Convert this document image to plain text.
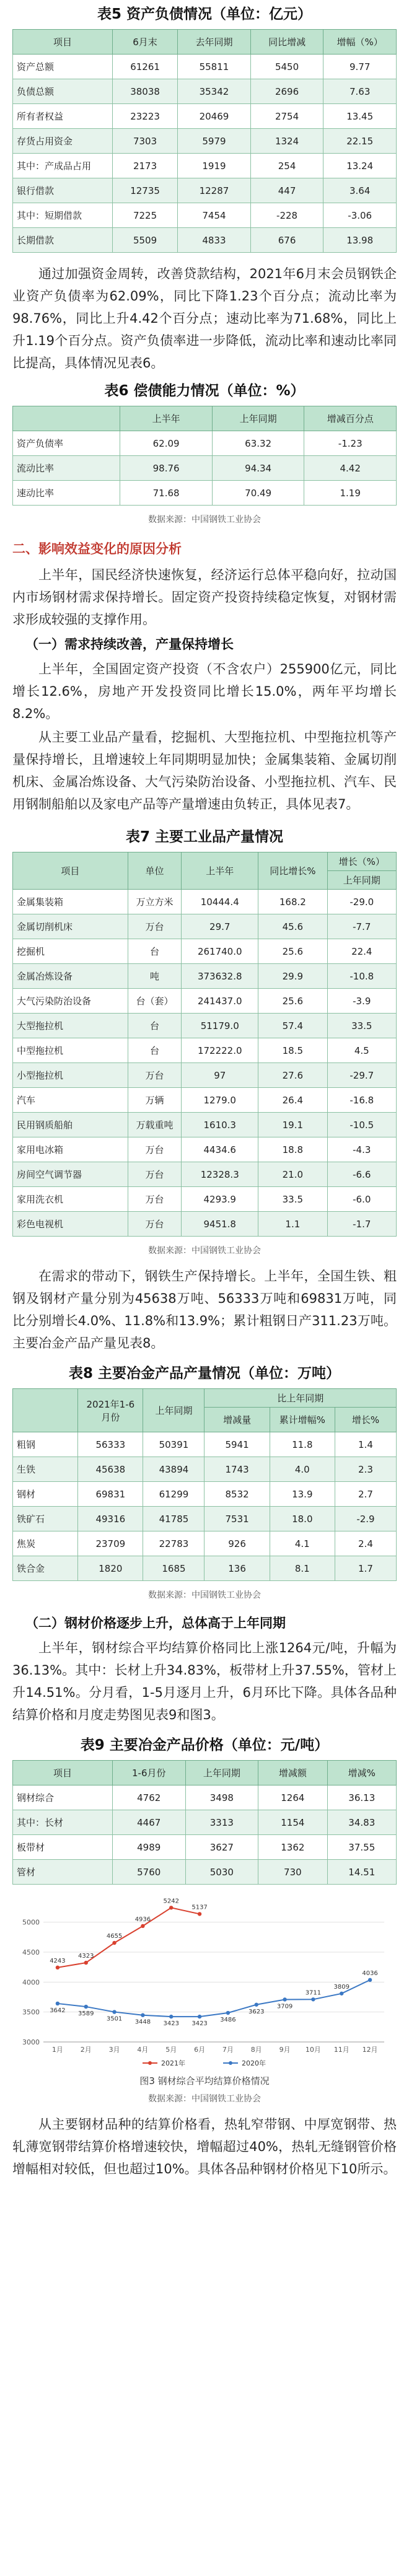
表5 资产负债情况（单位：亿元）
项目	6月末	去年同期	同比增减	增幅（%）
资产总额	61261	55811	5450	9.77
负债总额	38038	35342	2696	7.63
所有者权益	23223	20469	2754	13.45
存货占用资金	7303	5979	1324	22.15
其中：产成品占用	2173	1919	254	13.24
银行借款	12735	12287	447	3.64
其中：短期借款	7225	7454	-228	-3.06
长期借款	5509	4833	676	13.98

通过加强资金周转，改善贷款结构，2021年6月末会员钢铁企业资产负债率为62.09%，同比下降1.23个百分点；流动比率为98.76%，同比上升4.42个百分点；速动比率为71.68%，同比上升1.19个百分点。资产负债率进一步降低，流动比率和速动比率同比提高，具体情况见表6。

表6 偿债能力情况（单位：%）
	上半年	上年同期	增减百分点
资产负债率	62.09	63.32	-1.23
流动比率	98.76	94.34	4.42
速动比率	71.68	70.49	1.19
数据来源：中国钢铁工业协会
二、影响效益变化的原因分析

上半年，国民经济快速恢复，经济运行总体平稳向好，拉动国内市场钢材需求保持增长。固定资产投资持续稳定恢复，对钢材需求形成较强的支撑作用。

（一）需求持续改善，产量保持增长

上半年，全国固定资产投资（不含农户）255900亿元，同比增长12.6%，房地产开发投资同比增长15.0%，两年平均增长8.2%。

从主要工业品产量看，挖掘机、大型拖拉机、中型拖拉机等产量保持增长，且增速较上年同期明显加快；金属集装箱、金属切削机床、金属冶炼设备、大气污染防治设备、小型拖拉机、汽车、民用钢制船舶以及家电产品等产量增速由负转正，具体见表7。

表7 主要工业品产量情况
项目	单位	上半年	同比增长%	增长（%）
				上年同期
金属集装箱	万立方米	10444.4	168.2	-29.0
金属切削机床	万台	29.7	45.6	-7.7
挖掘机	台	261740.0	25.6	22.4
金属冶炼设备	吨	373632.8	29.9	-10.8
大气污染防治设备	台（套）	241437.0	25.6	-3.9
大型拖拉机	台	51179.0	57.4	33.5
中型拖拉机	台	172222.0	18.5	4.5
小型拖拉机	万台	97	27.6	-29.7
汽车	万辆	1279.0	26.4	-16.8
民用钢质船舶	万载重吨	1610.3	19.1	-10.5
家用电冰箱	万台	4434.6	18.8	-4.3
房间空气调节器	万台	12328.3	21.0	-6.6
家用洗衣机	万台	4293.9	33.5	-6.0
彩色电视机	万台	9451.8	1.1	-1.7
数据来源：中国钢铁工业协会

在需求的带动下，钢铁生产保持增长。上半年，全国生铁、粗钢及钢材产量分别为45638万吨、56333万吨和69831万吨，同比分别增长4.0%、11.8%和13.9%；累计粗钢日产311.23万吨。主要冶金产品产量见表8。

表8 主要冶金产品产量情况（单位：万吨）
	2021年1-6月份	上年同期	比上年同期		
			增减量	累计增幅%	增长%
粗钢	56333	50391	5941	11.8	1.4
生铁	45638	43894	1743	4.0	2.3
钢材	69831	61299	8532	13.9	2.7
铁矿石	49316	41785	7531	18.0	-2.9
焦炭	23709	22783	926	4.1	2.4
铁合金	1820	1685	136	8.1	1.7
数据来源：中国钢铁工业协会
（二）钢材价格逐步上升，总体高于上年同期

上半年，钢材综合平均结算价格同比上涨1264元/吨，升幅为36.13%。其中：长材上升34.83%，板带材上升37.55%，管材上升14.51%。分月看，1-5月逐月上升，6月环比下降。具体各品种结算价格和月度走势图见表9和图3。

表9 主要冶金产品价格（单位：元/吨）
项目	1-6月份	上年同期	增减额	增减%
钢材综合	4762	3498	1264	36.13
其中：长材	4467	3313	1154	34.83
板带材	4989	3627	1362	37.55
管材	5760	5030	730	14.51
3000
3500
4000
4500
5000
1月	2月	3月	4月	5月	6月	7月	8月	9月 10月 11月 12月
4243
4323
4655
4936
5242
5137
3642 3589
3501 3448 3423 3423
3486
3623
3709
3711
3809
4036
2021年	2020年
图3 钢材综合平均结算价格情况
数据来源：中国钢铁工业协会

从主要钢材品种的结算价格看，热轧窄带钢、中厚宽钢带、热轧薄宽钢带结算价格增速较快，增幅超过40%，热轧无缝钢管价格增幅相对较低，但也超过10%。具体各品种钢材价格见下10所示。
